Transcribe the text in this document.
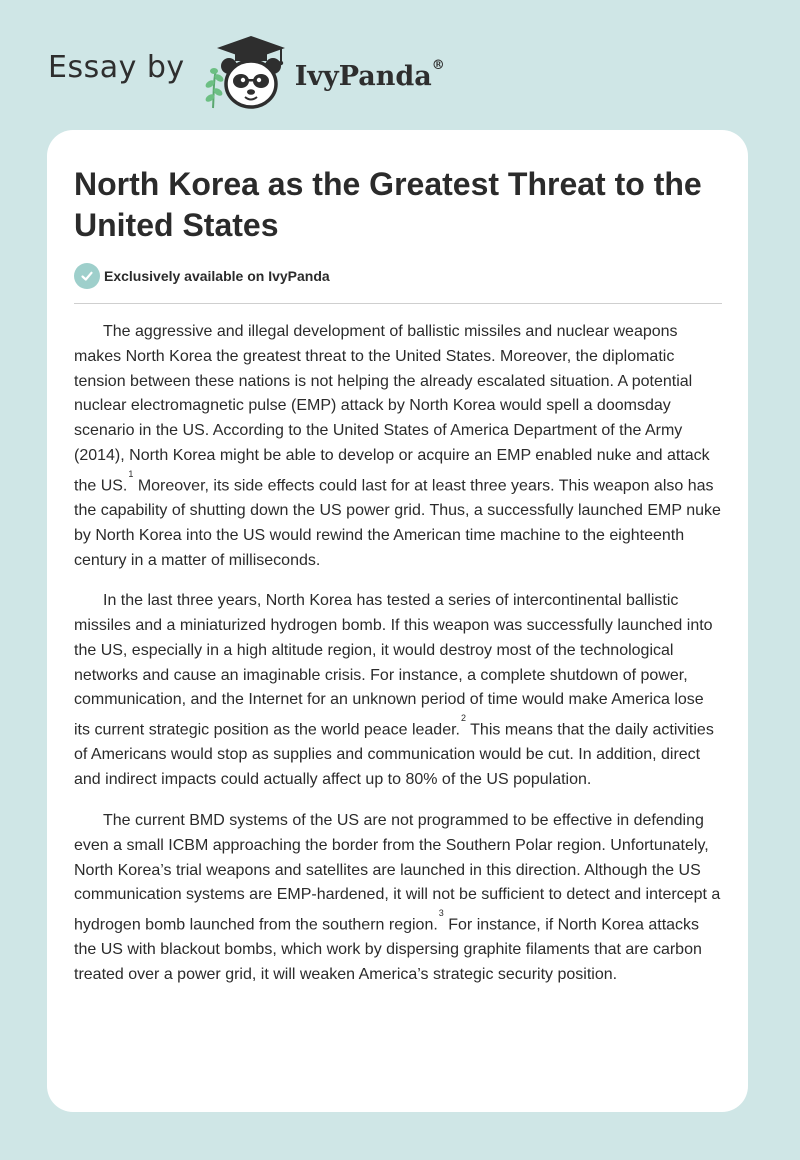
Essay by	IvyPanda®
North Korea as the Greatest Threat to the United States
Exclusively available on IvyPanda

The aggressive and illegal development of ballistic missiles and nuclear weapons makes North Korea the greatest threat to the United States. Moreover, the diplomatic tension between these nations is not helping the already escalated situation. A potential nuclear electromagnetic pulse (EMP) attack by North Korea would spell a doomsday scenario in the US. According to the United States of America Department of the Army (2014), North Korea might be able to develop or acquire an EMP enabled nuke and attack the US.$^1$ Moreover, its side effects could last for at least three years. This weapon also has the capability of shutting down the US power grid. Thus, a successfully launched EMP nuke by North Korea into the US would rewind the American time machine to the eighteenth century in a matter of milliseconds.

In the last three years, North Korea has tested a series of intercontinental ballistic missiles and a miniaturized hydrogen bomb. If this weapon was successfully launched into the US, especially in a high altitude region, it would destroy most of the technological networks and cause an imaginable crisis. For instance, a complete shutdown of power, communication, and the Internet for an unknown period of time would make America lose its current strategic position as the world peace leader.$^2$ This means that the daily activities of Americans would stop as supplies and communication would be cut. In addition, direct and indirect impacts could actually affect up to 80% of the US population.

The current BMD systems of the US are not programmed to be effective in defending even a small ICBM approaching the border from the Southern Polar region. Unfortunately, North Korea’s trial weapons and satellites are launched in this direction. Although the US communication systems are EMP-hardened, it will not be sufficient to detect and intercept a hydrogen bomb launched from the southern region.$^3$ For instance, if North Korea attacks the US with blackout bombs, which work by dispersing graphite filaments that are carbon treated over a power grid, it will weaken America’s strategic security position.
